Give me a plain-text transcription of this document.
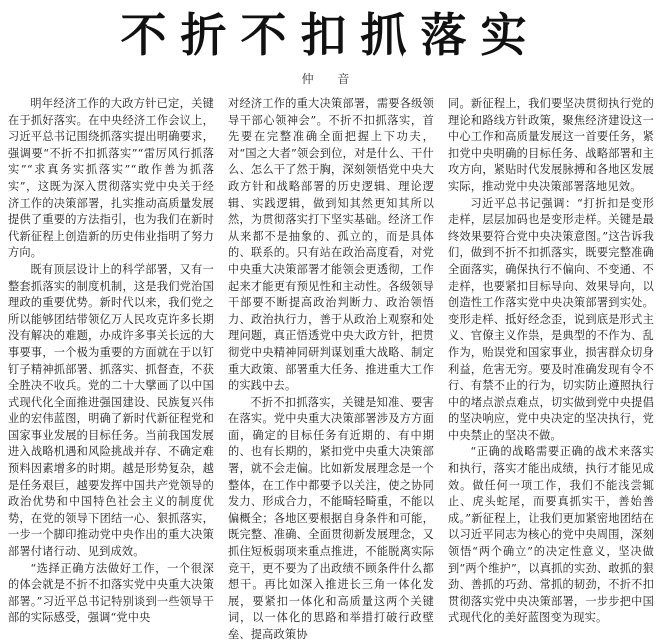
不折不扣抓落实
仲 音

明年经济工作的大政方针已定，关键在于抓好落实。在中央经济工作会议上，习近平总书记围绕抓落实提出明确要求，强调要“不折不扣抓落实”“雷厉风行抓落实”“求真务实抓落实”“敢作善为抓落实”，这既为深入贯彻落实党中央关于经济工作的决策部署，扎实推动高质量发展提供了重要的方法指引，也为我们在新时代新征程上创造新的历史伟业指明了努力方向。

既有顶层设计上的科学部署，又有一整套抓落实的制度机制，这是我们党治国理政的重要优势。新时代以来，我们党之所以能够团结带领亿万人民攻克许多长期没有解决的难题，办成许多事关长远的大事要事，一个极为重要的方面就在于以钉钉子精神抓部署、抓落实、抓督查，不获全胜决不收兵。党的二十大擘画了以中国式现代化全面推进强国建设、民族复兴伟业的宏伟蓝图，明确了新时代新征程党和国家事业发展的目标任务。当前我国发展进入战略机遇和风险挑战并存、不确定难预料因素增多的时期。越是形势复杂，越是任务艰巨，越要发挥中国共产党领导的政治优势和中国特色社会主义的制度优势，在党的领导下团结一心、狠抓落实，一步一个脚印推动党中央作出的重大决策部署付诸行动、见到成效。

“选择正确方法做好工作，一个很深的体会就是不折不扣落实党中央重大决策部署。”习近平总书记特别谈到一些领导干部的实际感受，强调“党中央

对经济工作的重大决策部署，需要各级领导干部心领神会”。不折不扣抓落实，首先要在完整准确全面把握上下功夫，对“国之大者”领会到位，对是什么、干什么、怎么干了然于胸，深刻领悟党中央大政方针和战略部署的历史逻辑、理论逻辑、实践逻辑，做到知其然更知其所以然，为贯彻落实打下坚实基础。经济工作从来都不是抽象的、孤立的，而是具体的、联系的。只有站在政治高度看，对党中央重大决策部署才能领会更透彻，工作起来才能更有预见性和主动性。各级领导干部要不断提高政治判断力、政治领悟力、政治执行力，善于从政治上观察和处理问题，真正悟透党中央大政方针，把贯彻党中央精神同研判谋划重大战略、制定重大政策、部署重大任务、推进重大工作的实践中去。

不折不扣抓落实，关键是知准、要害在落实。党中央重大决策部署涉及方方面面，确定的目标任务有近期的、有中期的、也有长期的，紧扣党中央重大决策部署，就不会走偏。比如新发展理念是一个整体，在工作中都要予以关注，使之协同发力、形成合力，不能畸轻畸重，不能以偏概全；各地区要根据自身条件和可能，既完整、准确、全面贯彻新发展理念，又抓住短板弱项来重点推进，不能脱离实际竞干，更不要为了出政绩不顾条件什么都想干。再比如深入推进长三角一体化发展，要紧扣一体化和高质量这两个关键词，以一体化的思路和举措打破行政壁垒、提高政策协

同。新征程上，我们要坚决贯彻执行党的理论和路线方针政策，聚焦经济建设这一中心工作和高质量发展这一首要任务，紧扣党中央明确的目标任务、战略部署和主攻方向，紧贴时代发展脉搏和各地区发展实际，推动党中央决策部署落地见效。

习近平总书记强调：“打折扣是变形走样，层层加码也是变形走样。关键是最终效果要符合党中央决策意图。”这告诉我们，做到不折不扣抓落实，既要完整准确全面落实，确保执行不偏向、不变通、不走样，也要紧扣目标导向、效果导向，以创造性工作落实党中央决策部署到实处。变形走样、抵好经念歪，说到底是形式主义、官僚主义作祟，是典型的不作为、乱作为，贻误党和国家事业，损害群众切身利益，危害无穷。要及时准确发现有令不行、有禁不止的行为，切实防止遵照执行中的堵点淤点难点，切实做到党中央提倡的坚决响应，党中央决定的坚决执行，党中央禁止的坚决不做。

“正确的战略需要正确的战术来落实和执行，落实才能出成绩，执行才能见成效。做任何一项工作，我们不能浅尝辄止、虎头蛇尾，而要真抓实干，善始善成。”新征程上，让我们更加紧密地团结在以习近平同志为核心的党中央周围，深刻领悟“两个确立”的决定性意义，坚决做到“两个维护”，以真抓的实劲、敢抓的狠劲、善抓的巧劲、常抓的韧劲，不折不扣贯彻落实党中央决策部署，一步步把中国式现代化的美好蓝图变为现实。
